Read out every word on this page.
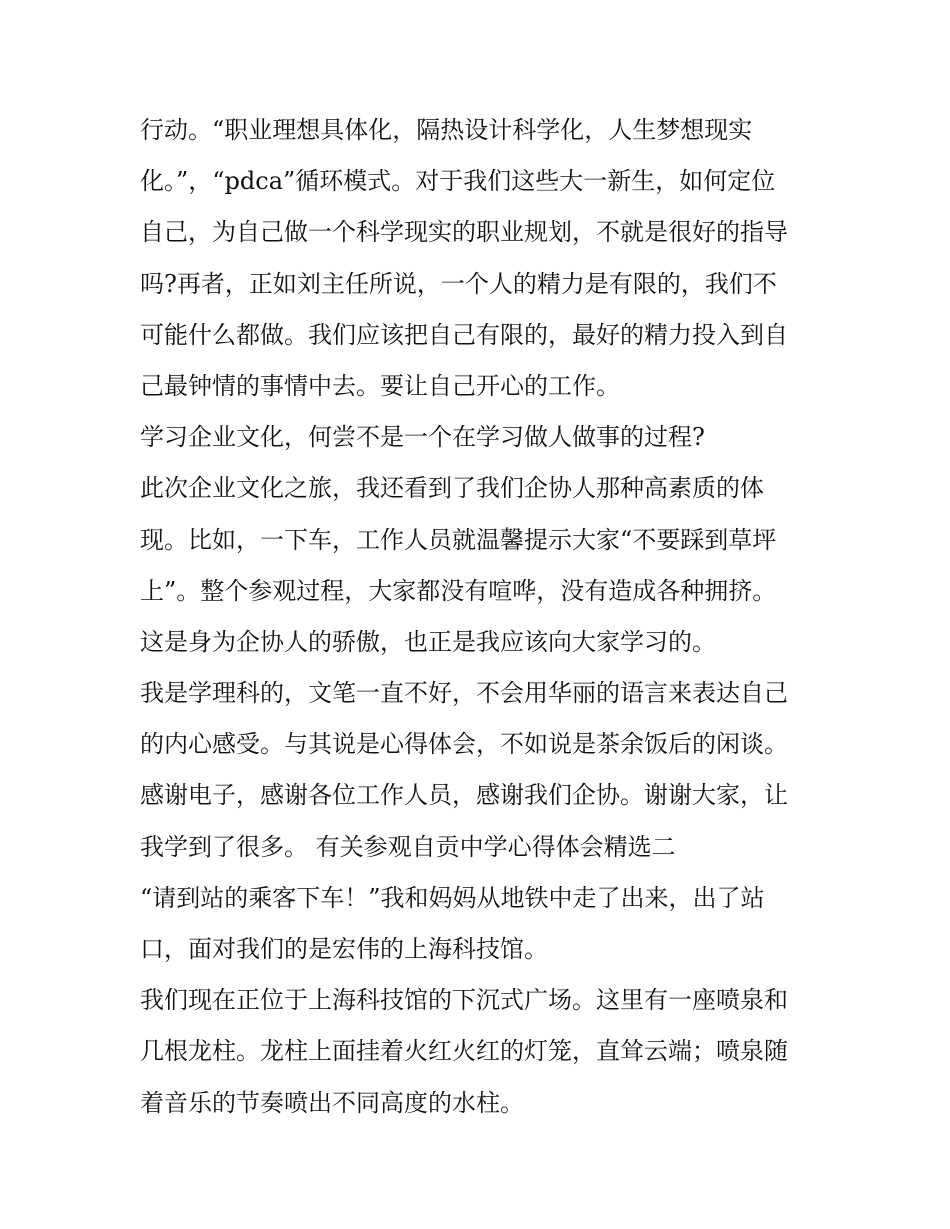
行动。“职业理想具体化，隔热设计科学化，人生梦想现实
化。”，“pdca”循环模式。对于我们这些大一新生，如何定位
自己，为自己做一个科学现实的职业规划，不就是很好的指导
吗?再者，正如刘主任所说，一个人的精力是有限的，我们不
可能什么都做。我们应该把自己有限的，最好的精力投入到自
己最钟情的事情中去。要让自己开心的工作。
学习企业文化，何尝不是一个在学习做人做事的过程?
此次企业文化之旅，我还看到了我们企协人那种高素质的体
现。比如，一下车，工作人员就温馨提示大家“不要踩到草坪
上”。整个参观过程，大家都没有喧哗，没有造成各种拥挤。
这是身为企协人的骄傲，也正是我应该向大家学习的。
我是学理科的，文笔一直不好，不会用华丽的语言来表达自己
的内心感受。与其说是心得体会，不如说是茶余饭后的闲谈。
感谢电子，感谢各位工作人员，感谢我们企协。谢谢大家，让
我学到了很多。 有关参观自贡中学心得体会精选二
“请到站的乘客下车！”我和妈妈从地铁中走了出来，出了站
口，面对我们的是宏伟的上海科技馆。
我们现在正位于上海科技馆的下沉式广场。这里有一座喷泉和
几根龙柱。龙柱上面挂着火红火红的灯笼，直耸云端；喷泉随
着音乐的节奏喷出不同高度的水柱。
